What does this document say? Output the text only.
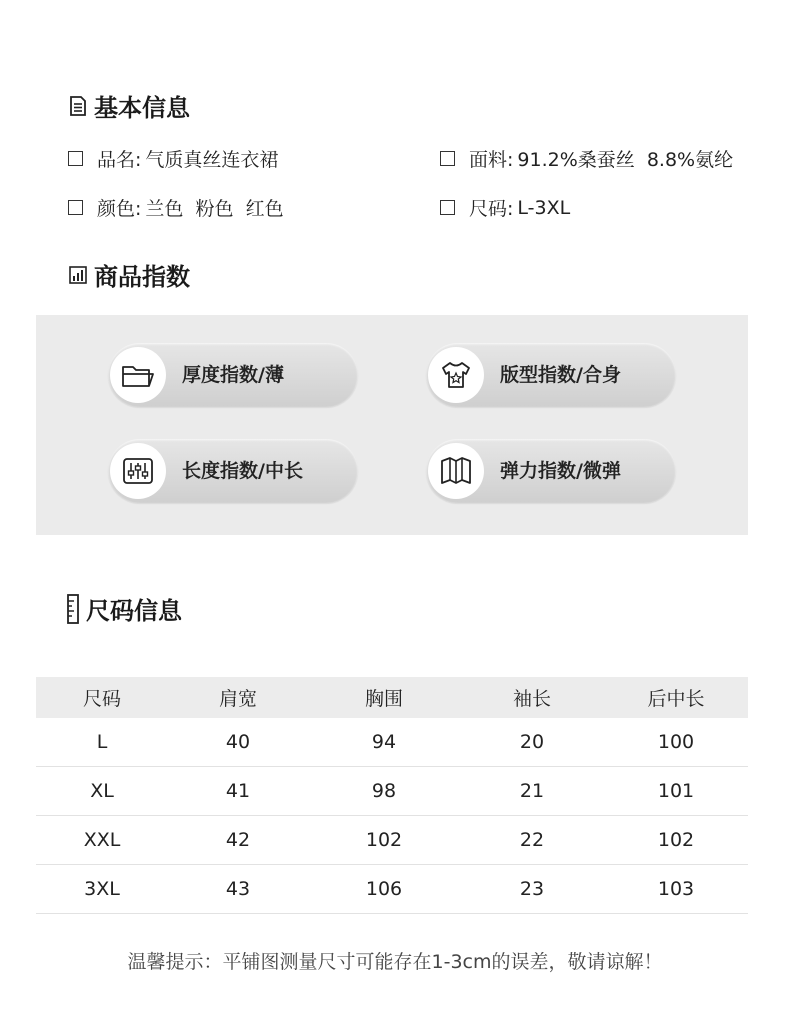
基本信息
品名: 气质真丝连衣裙	面料: 91.2%桑蚕丝  8.8%氨纶
颜色: 兰色  粉色  红色	尺码: L-3XL
商品指数
厚度指数/薄	版型指数/合身
长度指数/中长	弹力指数/微弹
尺码信息
尺码	肩宽	胸围	袖长	后中长
L	40	94	20	100
XL	41	98	21	101
XXL	42	102	22	102
3XL	43	106	23	103
温馨提示：平铺图测量尺寸可能存在1-3cm的误差，敬请谅解！
